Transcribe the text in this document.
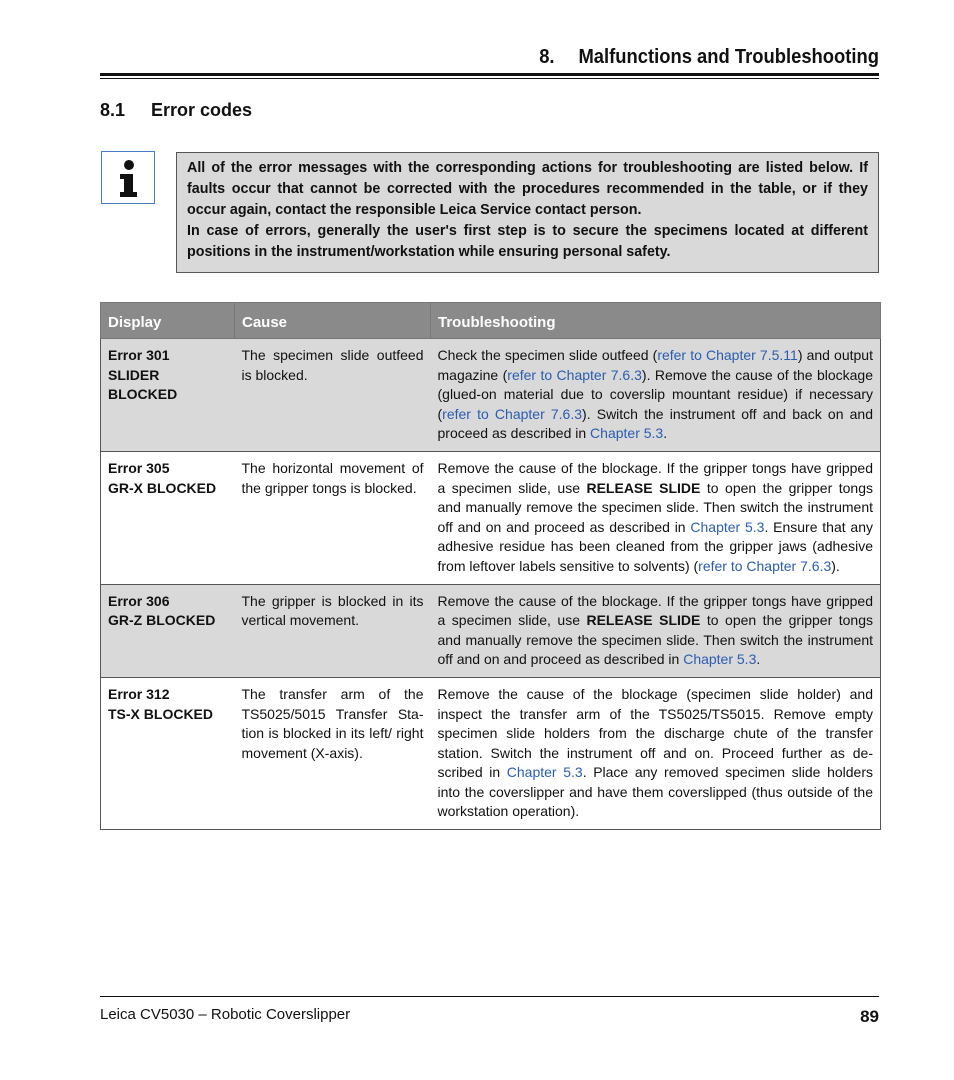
8. Malfunctions and Troubleshooting
8.1 Error codes

All of the error messages with the corresponding actions for troubleshooting are listed below. If faults occur that cannot be corrected with the procedures recommended in the table, or if they occur again, contact the responsible Leica Service contact person.

In case of errors, generally the user's first step is to secure the specimens located at different positions in the instrument/workstation while ensuring personal safety.

Display	Cause	Troubleshooting

Error 301
SLIDER BLOCKED	The specimen slide outfeed is blocked.	Check the specimen slide outfeed (refer to Chapter 7.5.11) and output magazine (refer to Chapter 7.6.3). Remove the cause of the blockage (glued-on material due to coverslip mountant residue) if necessary (refer to Chapter 7.6.3). Switch the instrument off and back on and proceed as described in Chapter 5.3.

Error 305
GR-X BLOCKED	The horizontal movement of the gripper tongs is blocked.	Remove the cause of the blockage. If the gripper tongs have gripped a specimen slide, use RELEASE SLIDE to open the gripper tongs and manually remove the specimen slide. Then switch the instrument off and on and proceed as described in Chapter 5.3. Ensure that any adhesive residue has been cleaned from the gripper jaws (adhesive from leftover labels sensitive to solvents) (refer to Chapter 7.6.3).

Error 306
GR-Z BLOCKED	The gripper is blocked in its vertical movement.	Remove the cause of the blockage. If the gripper tongs have gripped a specimen slide, use RELEASE SLIDE to open the gripper tongs and manually remove the specimen slide. Then switch the instrument off and on and proceed as described in Chapter 5.3.

Error 312
TS-X BLOCKED	The transfer arm of the TS5025/5015 Transfer Sta-tion is blocked in its left/ right movement (X-axis).	Remove the cause of the blockage (specimen slide holder) and inspect the transfer arm of the TS5025/TS5015. Remove empty specimen slide holders from the discharge chute of the transfer station. Switch the instrument off and on. Proceed further as de-scribed in Chapter 5.3. Place any removed specimen slide holders into the coverslipper and have them coverslipped (thus outside of the workstation operation).
Leica CV5030 – Robotic Coverslipper	89
